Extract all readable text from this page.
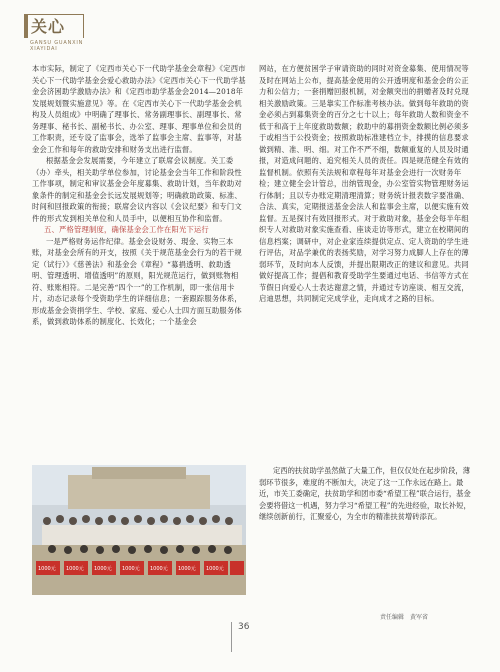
关心
GANSU GUANXIN
XIAYIDAI

本市实际，制定了《定西市关心下一代助学基金会章程》《定西市关心下一代助学基金会爱心救助办法》《定西市关心下一代助学基金会济困助学激励办法》和《定西市助学基金会2014—2018年发展规划暨实施意见》等。在《定西市关心下一代助学基金会机构及人员组成》中明确了理事长、常务副理事长、副理事长、常务理事、秘书长、副秘书长、办公室、理事、理事单位和会员的工作职责，还专设了监事会，选举了监事会主席、监事等，对基金会工作和每年的救助安排和财务支出进行监督。

根据基金会发展需要，今年建立了联席会议制度。关工委（办）牵头，相关助学单位参加，讨论基金会当年工作和阶段性工作事项，制定和审议基金会年度募集、救助计划，当年救助对象条件的制定和基金会长远发展规划等；明确救助政策、标准、时间和回报政策的衔接；联席会议内容以《会议纪要》和专门文件的形式发到相关单位和人员手中，以便相互协作和监督。

五、严格管理制度，确保基金会工作在阳光下运行

一是严格财务运作纪律。基金会设财务、現金、实物三本账，对基金会所有的开支，按照《关于规范基金会行为的若干规定（试行）》《慈善法》和基金会《章程》“募捐透明、救助透明、管理透明、增值透明”的原则，阳光规范运行，做到账物相符、账账相符。二是完善“四个一”的工作机制，即一张信用卡片，动态记录每个受资助学生的详细信息；一套跟踪服务体系，形成基金会资捐学生、学校、家庭、爱心人士四方面互助服务体系，做到救助体系的制度化、长效化；一个基金会

网站，在方便贫困学子审请资助的同时对资金募集、使用情况等及时在网站上公布，提高基金使用的公开透明度和基金会的公正力和公信力；一套捐赠回报机制，对金额突出的捐赠者及时兑现相关激励政策。三是靠实工作标准考核办法。做到每年救助的资金必须占到募集资金的百分之七十以上；每年救助人数和资金不低于和高于上年度救助数额；救助中的募捐资金数额比例必须多于或相当于公投资金；按照救助标准建档立卡，排摸的信息要求做到精、准、明、细。对工作不严不细，数额重复的人员及时通报，对造成问题的、追究相关人员的责任。四是规范健全有效的监督机制。依照有关法规和章程每年对基金会进行一次财务年检；建立健全会计管总，出纳管现金，办公室管实物管理财务运行体制；且以专办账定期清理清算；财务统计报表数字要准确、合法、真实，定期报送基金会法人和监事会主席，以便实施有效监督。五是探讨有效回报形式。对于救助对象，基金会每半年组织专人对救助对象实施查看、座谈走访等形式，建立在校期间的信息档案；调研中，对企业家连续提供定点、定人资助的学生进行评估，对品学兼优的表扬奖励，对学习努力成脚人上存在的薄弱环节，及时向本人反馈，并提出限期改正的建议和意见。共同做好提高工作；提倡和教育受助学生要通过电话、书信等方式在节假日向爱心人士表达谢意之情，并通过专访座谈、相互交流，启迪思想，共同制定完成学业，走向成才之路的目标。

1000元 1000元 1000元 1000元 1000元 1000元 1000元

定西的扶贫助学虽然做了大量工作，但仅仅处在起步阶段，薄弱环节很多，难度的不断加大，决定了这一工作永远在路上。最近，市关工委确定，扶贫助学和团市委“希望工程”联合运行，基金会要将借这一机遇，努力学习“希望工程”的先进经验，取长补短，继续创新前行，汇聚爱心，为全市的精准扶贫增砖添瓦。

责任编辑　黄军省
36
